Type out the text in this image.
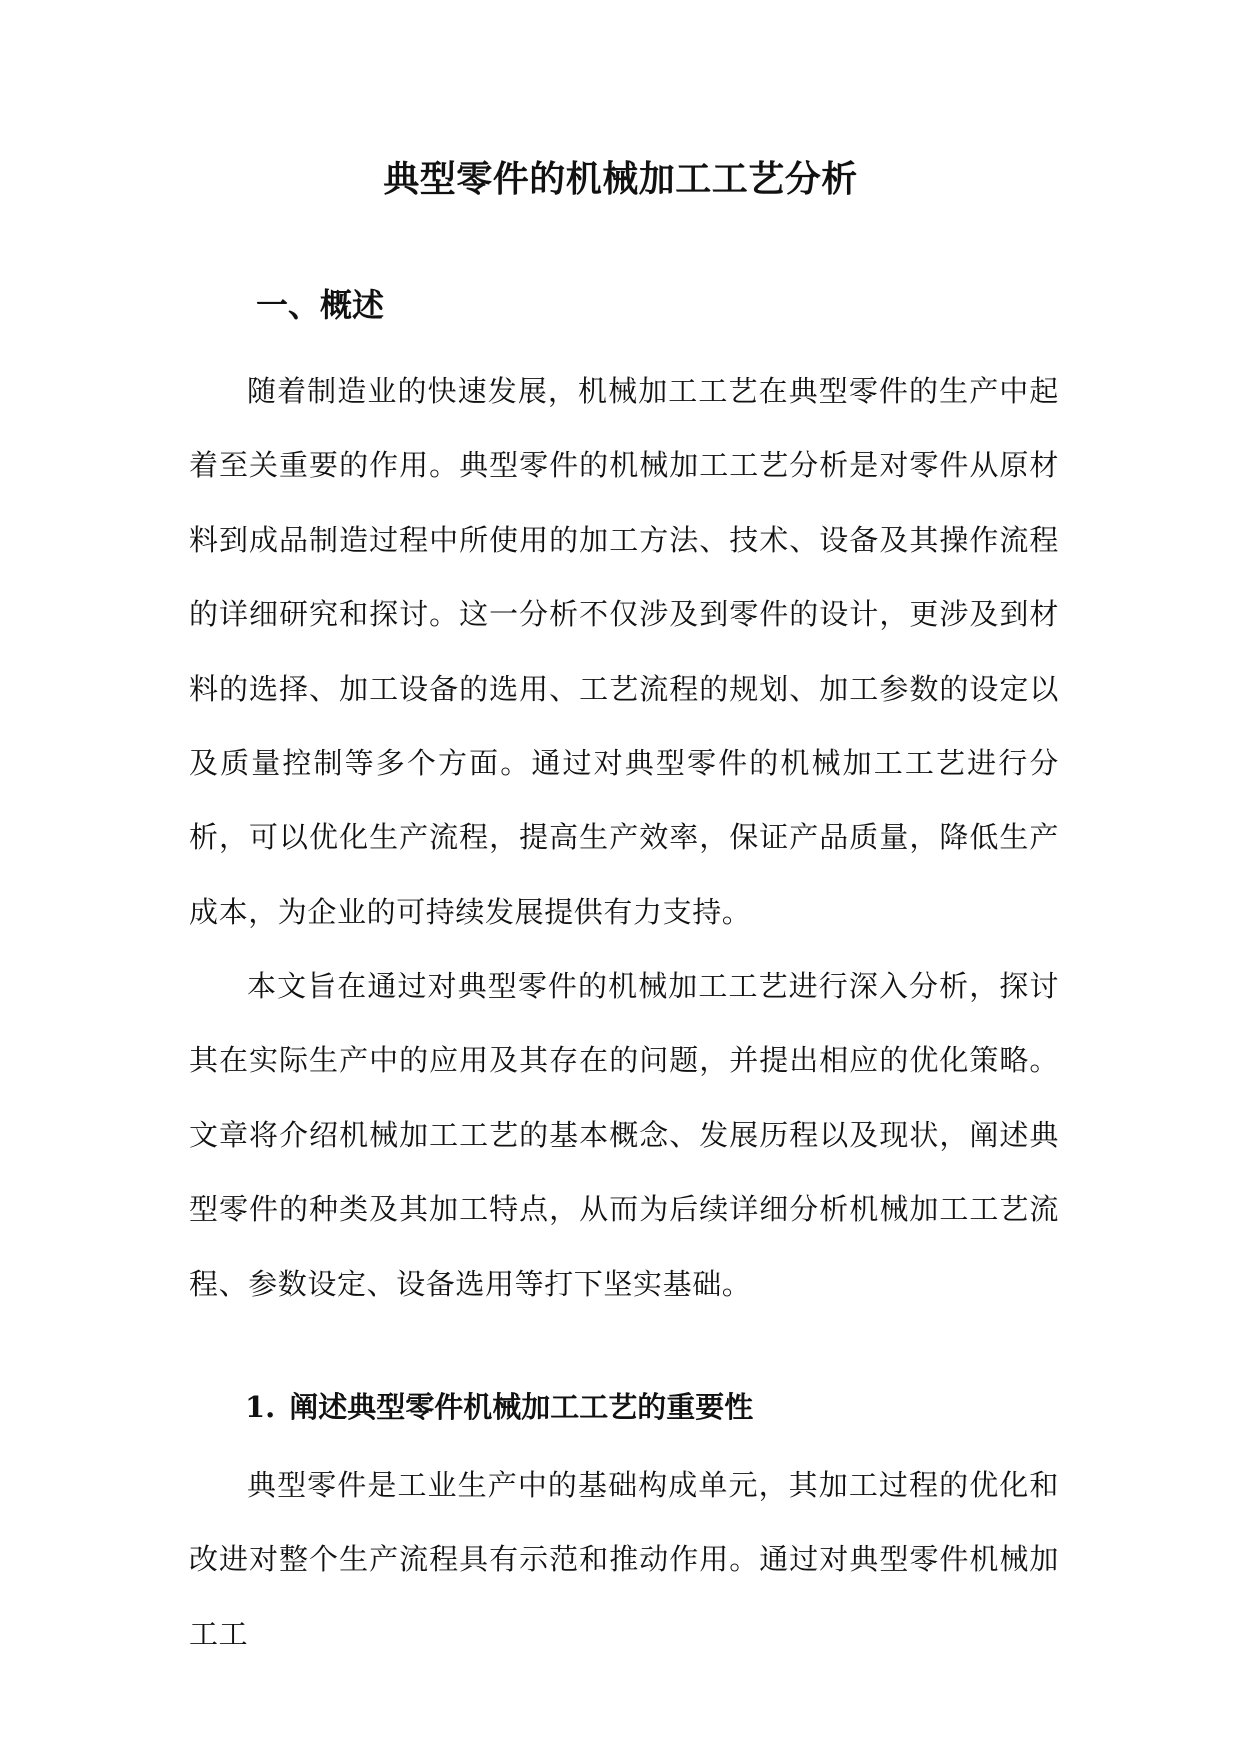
典型零件的机械加工工艺分析
一、概述

随着制造业的快速发展，机械加工工艺在典型零件的生产中起着至关重要的作用。典型零件的机械加工工艺分析是对零件从原材料到成品制造过程中所使用的加工方法、技术、设备及其操作流程的详细研究和探讨。这一分析不仅涉及到零件的设计，更涉及到材料的选择、加工设备的选用、工艺流程的规划、加工参数的设定以及质量控制等多个方面。通过对典型零件的机械加工工艺进行分析，可以优化生产流程，提高生产效率，保证产品质量，降低生产成本，为企业的可持续发展提供有力支持。

本文旨在通过对典型零件的机械加工工艺进行深入分析，探讨其在实际生产中的应用及其存在的问题，并提出相应的优化策略。文章将介绍机械加工工艺的基本概念、发展历程以及现状，阐述典型零件的种类及其加工特点，从而为后续详细分析机械加工工艺流程、参数设定、设备选用等打下坚实基础。

1. 阐述典型零件机械加工工艺的重要性

典型零件是工业生产中的基础构成单元，其加工过程的优化和改进对整个生产流程具有示范和推动作用。通过对典型零件机械加工工
